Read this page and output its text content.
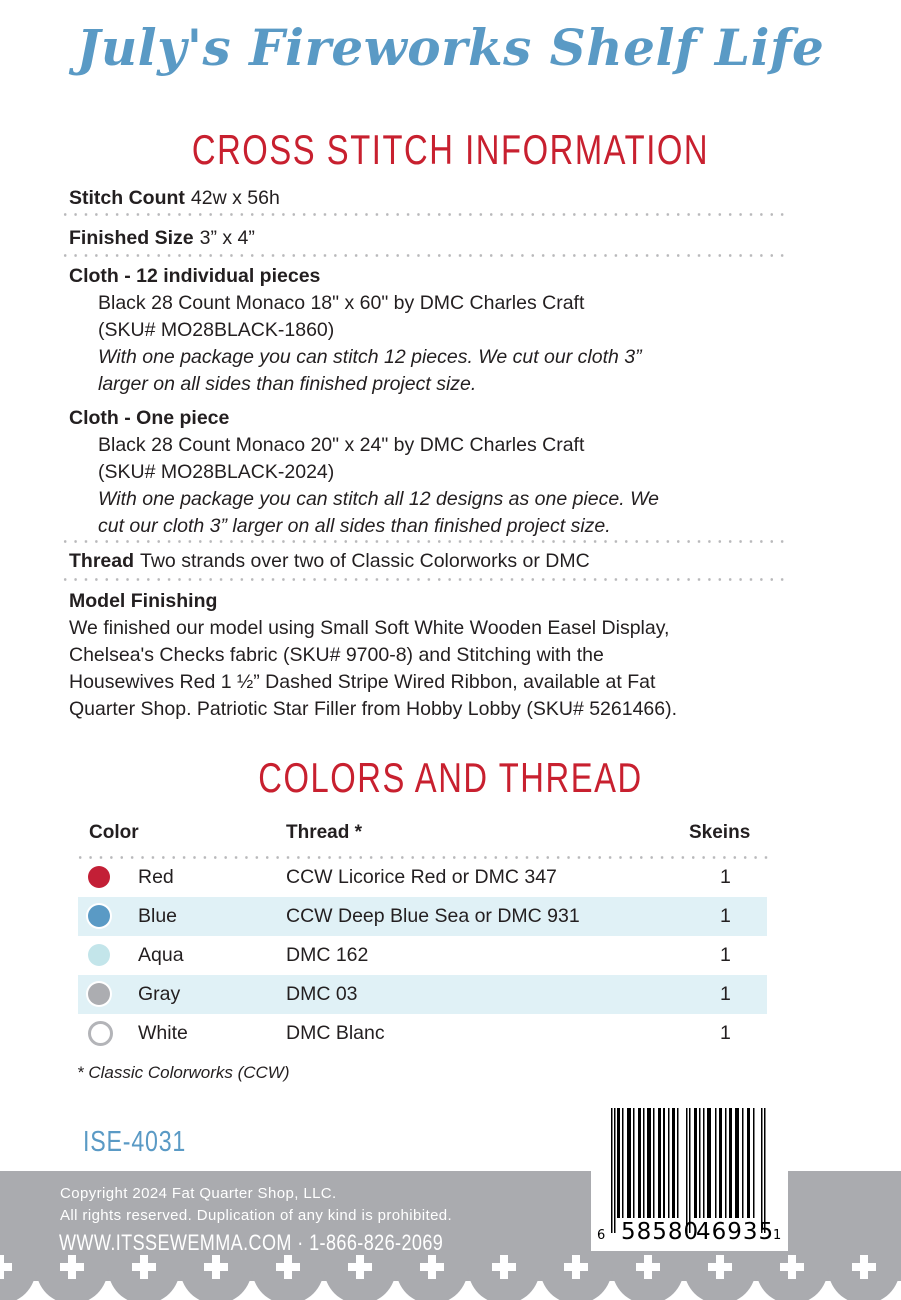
July's Fireworks Shelf Life
CROSS STITCH INFORMATION
Stitch Count 42w x 56h
Finished Size 3” x 4”
Cloth - 12 individual pieces
Black 28 Count Monaco 18" x 60" by DMC Charles Craft
(SKU# MO28BLACK-1860)
With one package you can stitch 12 pieces. We cut our cloth 3”
larger on all sides than finished project size.
Cloth - One piece
Black 28 Count Monaco 20" x 24" by DMC Charles Craft
(SKU# MO28BLACK-2024)
With one package you can stitch all 12 designs as one piece. We
cut our cloth 3” larger on all sides than finished project size.
Thread Two strands over two of Classic Colorworks or DMC
Model Finishing
We finished our model using Small Soft White Wooden Easel Display,
Chelsea's Checks fabric (SKU# 9700-8) and Stitching with the
Housewives Red 1 ½” Dashed Stripe Wired Ribbon, available at Fat
Quarter Shop. Patriotic Star Filler from Hobby Lobby (SKU# 5261466).
COLORS AND THREAD
Color	Thread *	Skeins
Red	CCW Licorice Red or DMC 347	1
Blue	CCW Deep Blue Sea or DMC 931	1
Aqua	DMC 162	1
Gray	DMC 03	1
White	DMC Blanc	1
* Classic Colorworks (CCW)
ISE-4031
Copyright 2024 Fat Quarter Shop, LLC.
All rights reserved. Duplication of any kind is prohibited.
WWW.ITSSEWEMMA.COM · 1-866-826-2069	6 58580
46935
1
